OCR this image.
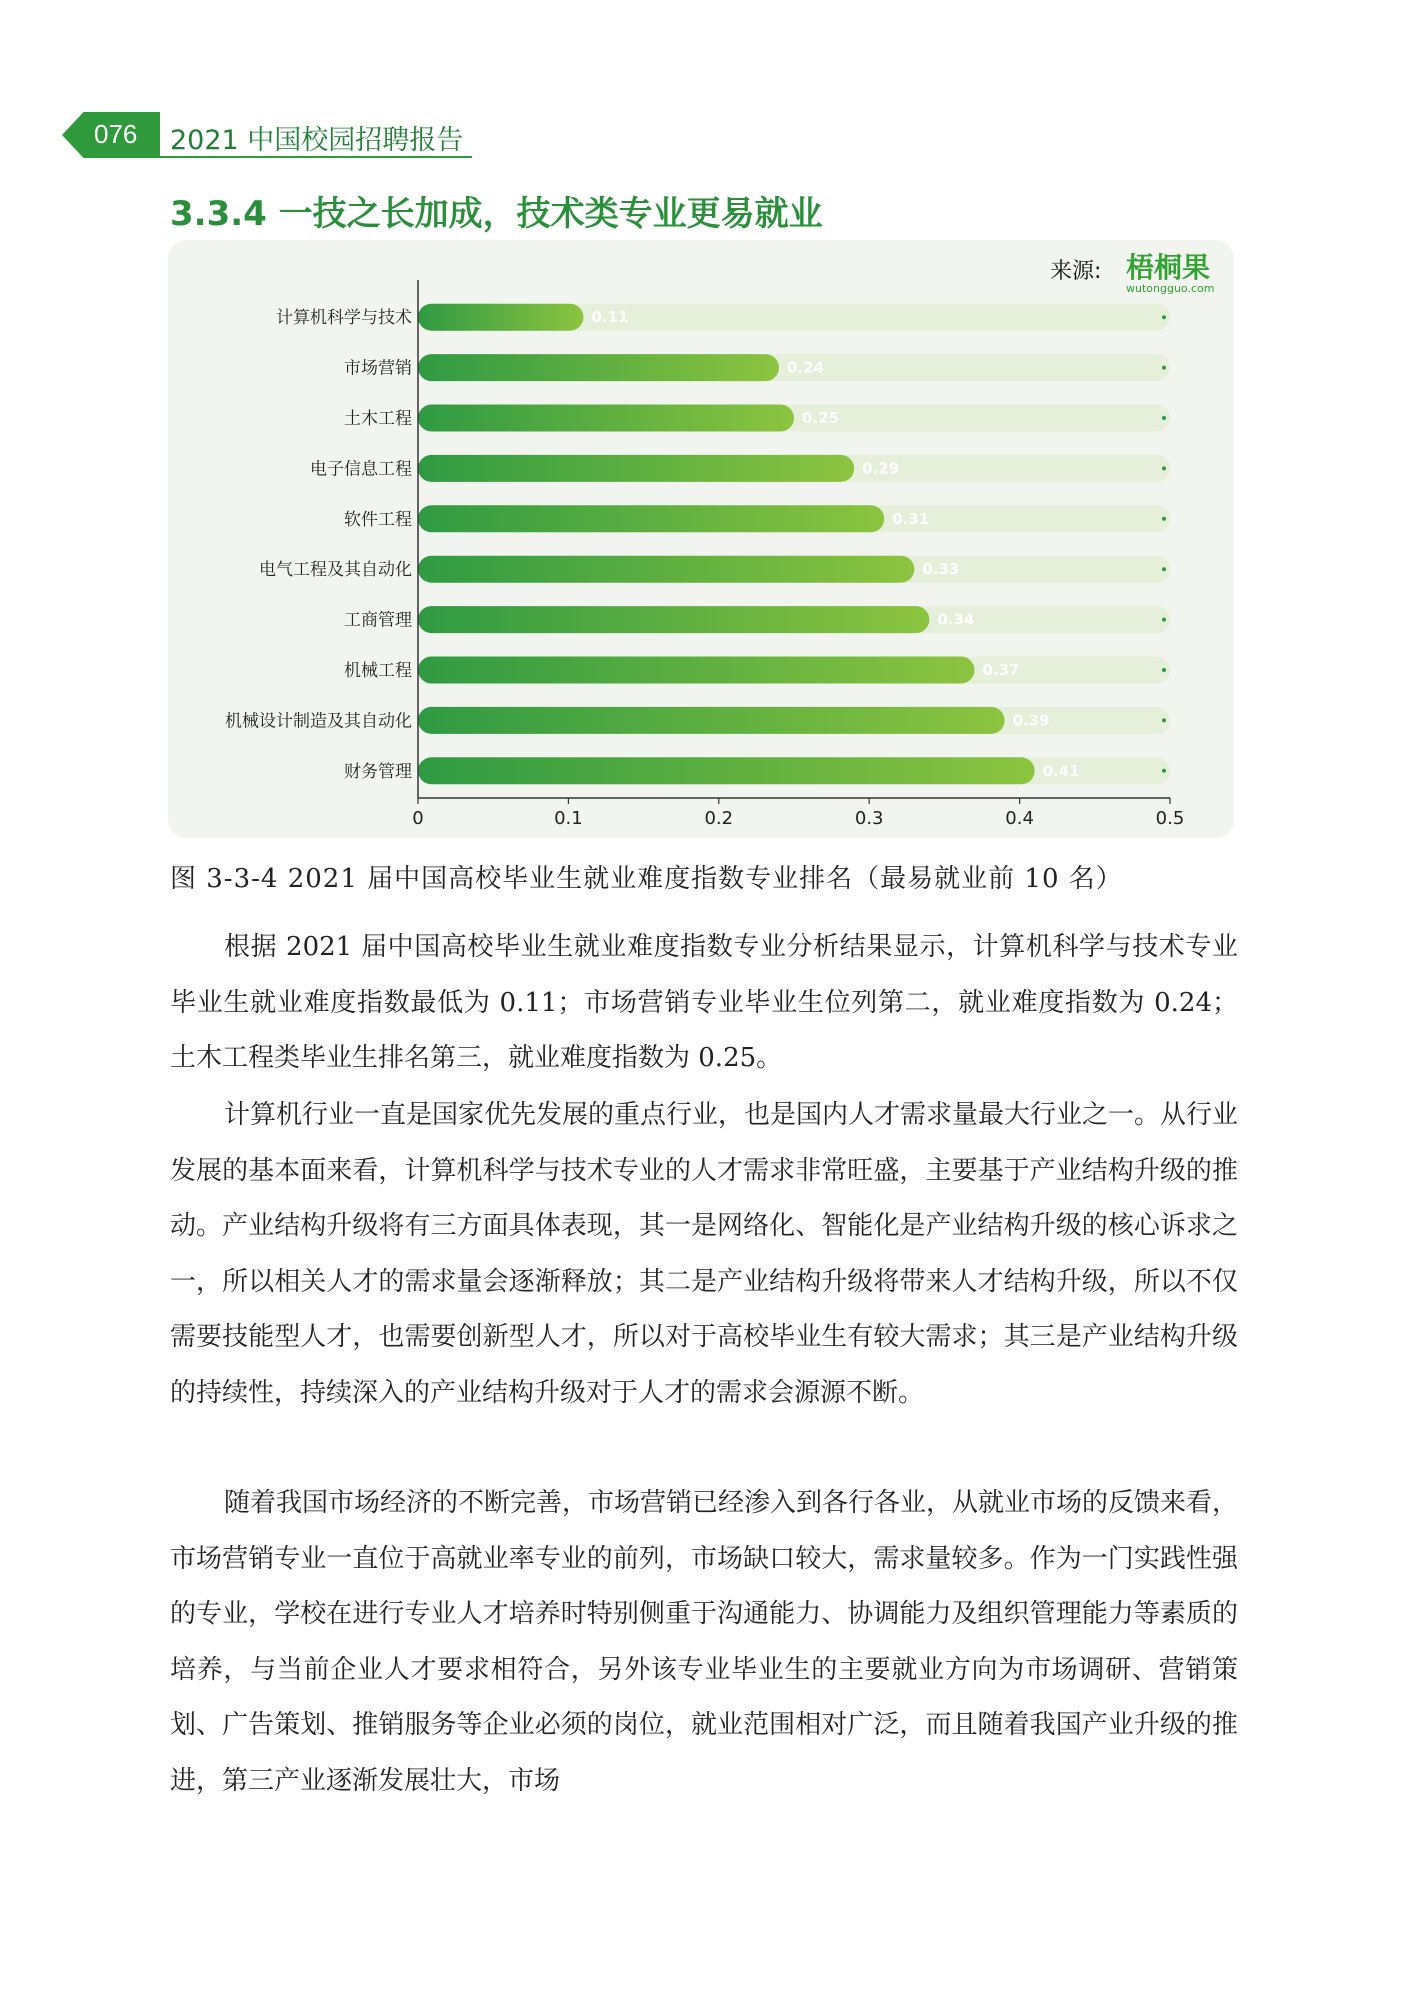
076 2021 中国校园招聘报告
3.3.4 一技之长加成，技术类专业更易就业
来源: 梧桐果
wutongguo.com
0.11
计算机科学与技术
0.24
市场营销
0.25
土木工程
0.29
电子信息工程
0.31
软件工程
0.33
电气工程及其自动化
0.34
工商管理
0.37
机械工程
0.39
机械设计制造及其自动化
0.41
财务管理
0	0.1	0.2	0.3	0.4	0.5
图 3-3-4 2021 届中国高校毕业生就业难度指数专业排名（最易就业前 10 名）

根据 2021 届中国高校毕业生就业难度指数专业分析结果显示，计算机科学与技术专业毕业生就业难度指数最低为 0.11；市场营销专业毕业生位列第二，就业难度指数为 0.24；土木工程类毕业生排名第三，就业难度指数为 0.25。

计算机行业一直是国家优先发展的重点行业，也是国内人才需求量最大行业之一。从行业发展的基本面来看，计算机科学与技术专业的人才需求非常旺盛，主要基于产业结构升级的推动。产业结构升级将有三方面具体表现，其一是网络化、智能化是产业结构升级的核心诉求之一，所以相关人才的需求量会逐渐释放；其二是产业结构升级将带来人才结构升级，所以不仅需要技能型人才，也需要创新型人才，所以对于高校毕业生有较大需求；其三是产业结构升级的持续性，持续深入的产业结构升级对于人才的需求会源源不断。

随着我国市场经济的不断完善，市场营销已经渗入到各行各业，从就业市场的反馈来看，市场营销专业一直位于高就业率专业的前列，市场缺口较大，需求量较多。作为一门实践性强的专业，学校在进行专业人才培养时特别侧重于沟通能力、协调能力及组织管理能力等素质的培养，与当前企业人才要求相符合，另外该专业毕业生的主要就业方向为市场调研、营销策划、广告策划、推销服务等企业必须的岗位，就业范围相对广泛，而且随着我国产业升级的推进，第三产业逐渐发展壮大，市场
